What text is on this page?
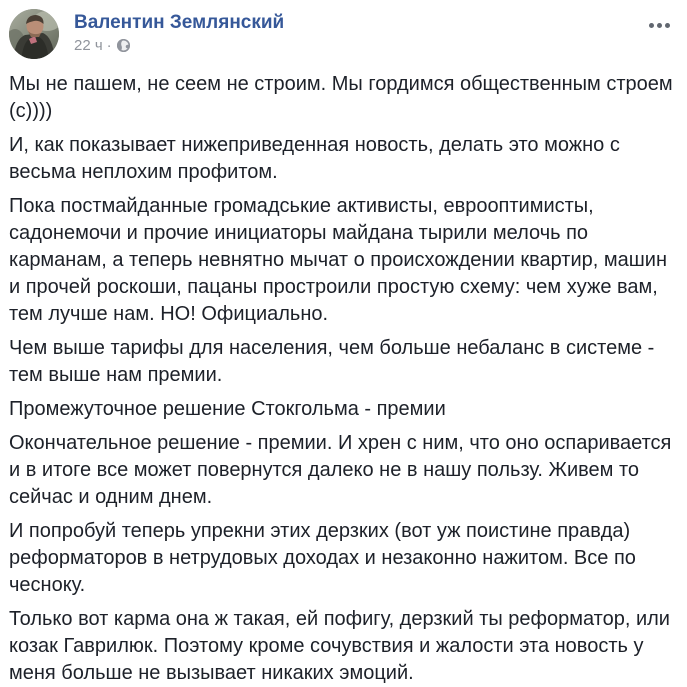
Валентин Землянский
22 ч ·

Мы не пашем, не сеем не строим. Мы гордимся общественным строем (с))))

И, как показывает нижеприведенная новость, делать это можно с весьма неплохим профитом.

Пока постмайданные громадськие активисты, еврооптимисты, садонемочи и прочие инициаторы майдана тырили мелочь по карманам, а теперь невнятно мычат о происхождении квартир, машин и прочей роскоши, пацаны простроили простую схему: чем хуже вам, тем лучше нам. НО! Официально.

Чем выше тарифы для населения, чем больше небаланс в системе - тем выше нам премии.

Промежуточное решение Стокгольма - премии

Окончательное решение - премии. И хрен с ним, что оно оспаривается и в итоге все может повернутся далеко не в нашу пользу. Живем то сейчас и одним днем.

И попробуй теперь упрекни этих дерзких (вот уж поистине правда) реформаторов в нетрудовых доходах и незаконно нажитом. Все по чесноку.

Только вот карма она ж такая, ей пофигу, дерзкий ты реформатор, или козак Гаврилюк. Поэтому кроме сочувствия и жалости эта новость у меня больше не вызывает никаких эмоций.
